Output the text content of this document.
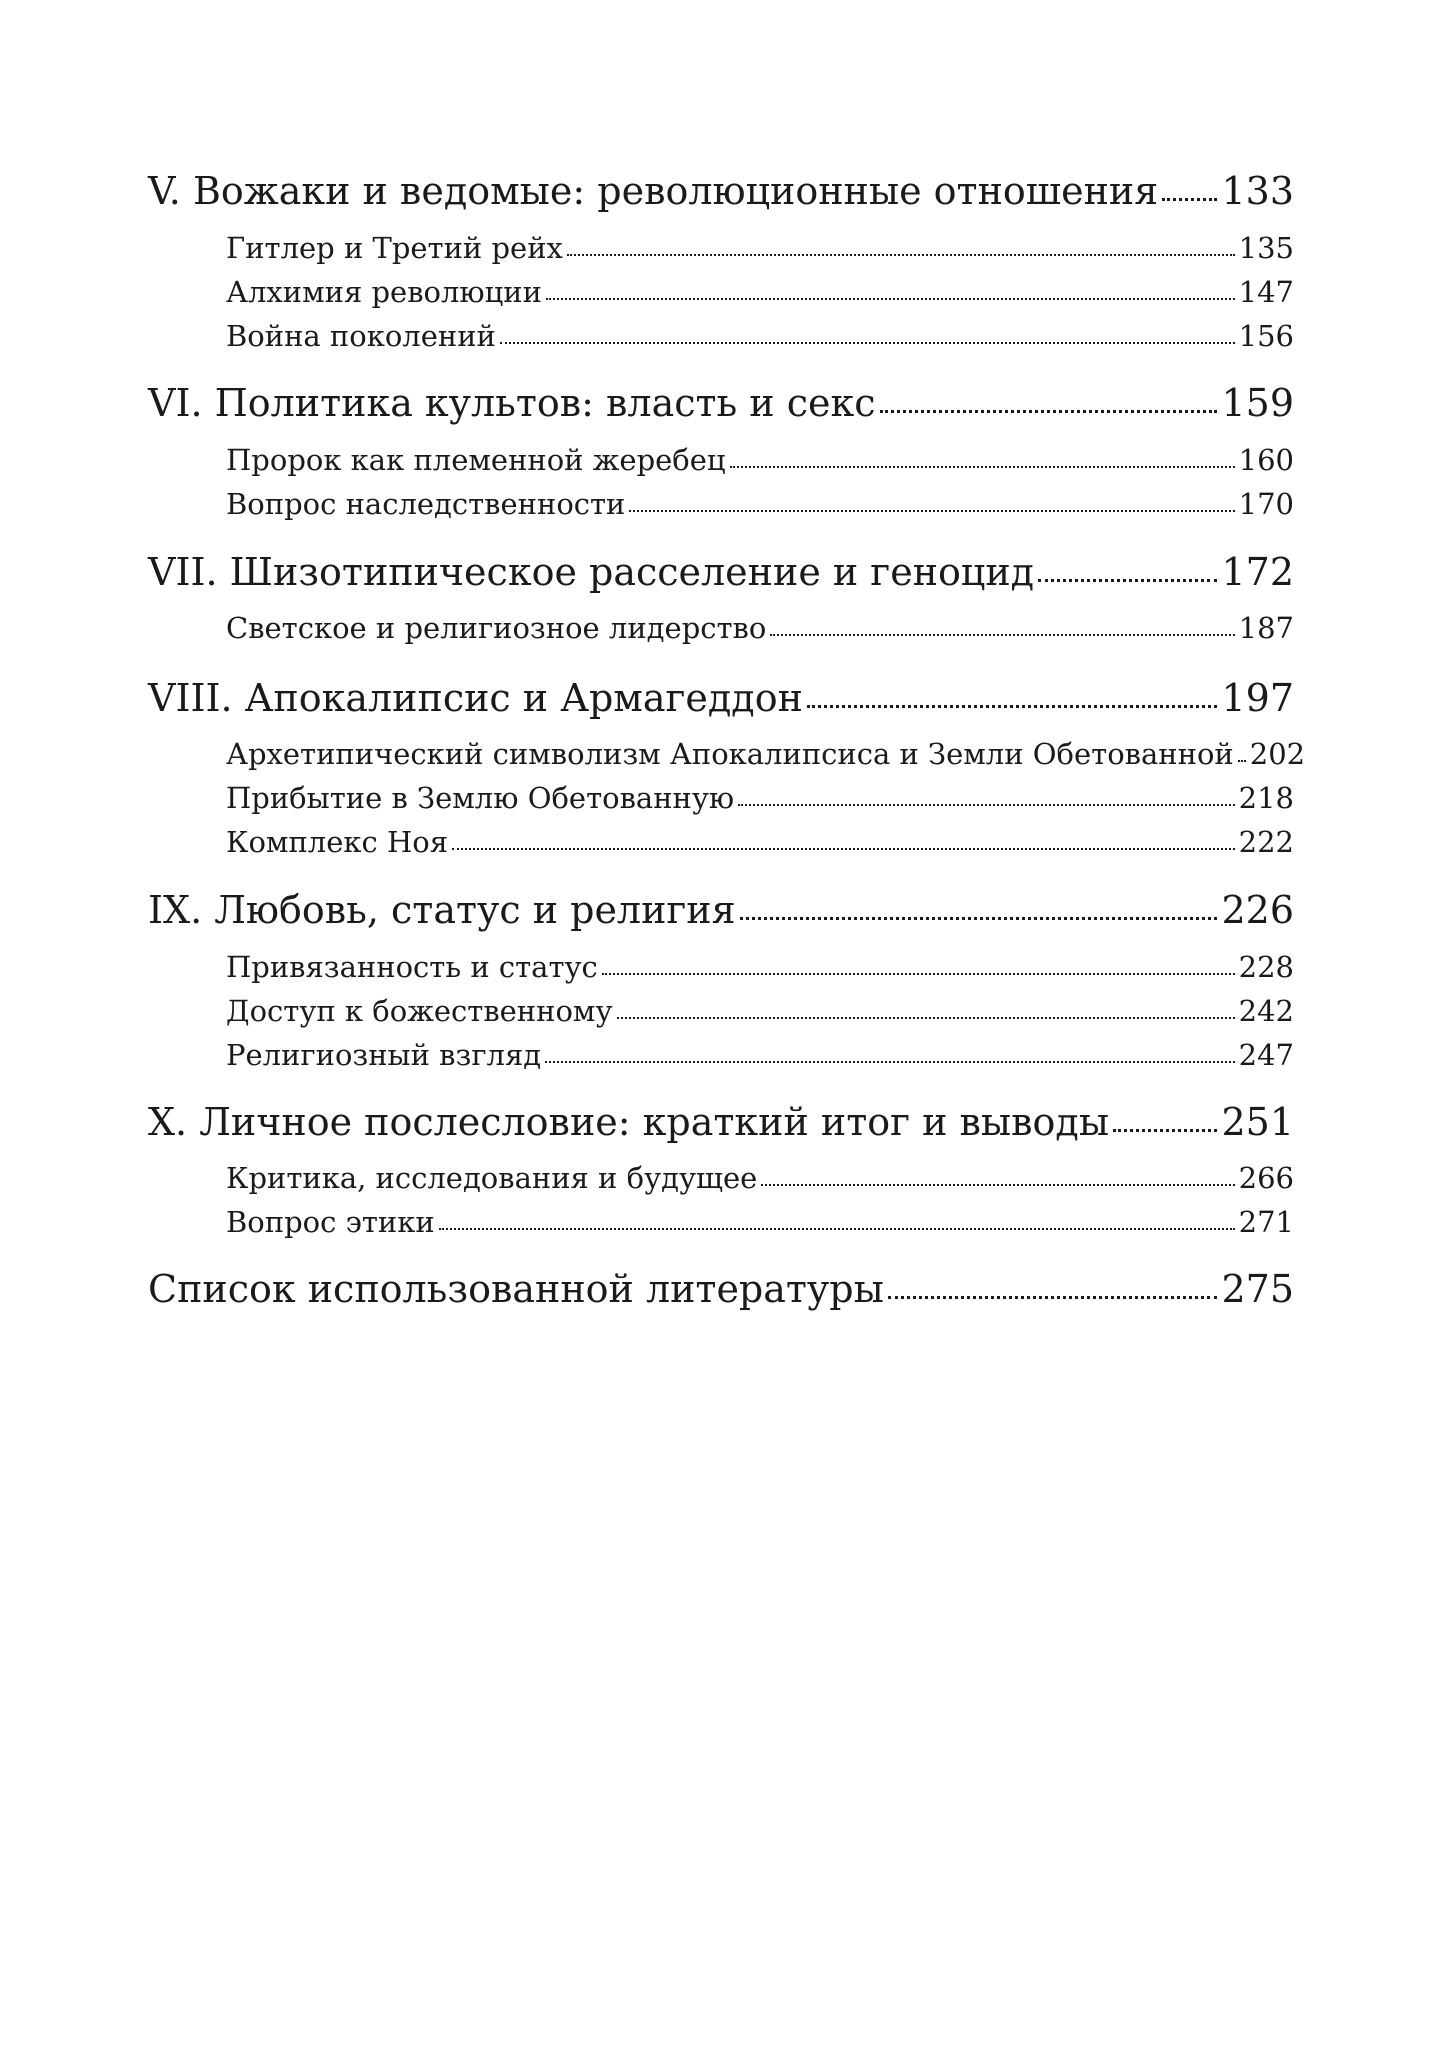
V. Вожаки и ведомые: революционные отношения 133
Гитлер и Третий рейх	135
Алхимия революции	147
Война поколений	156
VI. Политика культов: власть и секс	159
Пророк как племенной жеребец	160
Вопрос наследственности	170
VII. Шизотипическое расселение и геноцид	172
Светское и религиозное лидерство	187
VIII. Апокалипсис и Армагеддон	197
Архетипический символизм Апокалипсиса и Земли Обетованной 202
Прибытие в Землю Обетованную	218
Комплекс Ноя	222
IX. Любовь, статус и религия	226
Привязанность и статус	228
Доступ к божественному	242
Религиозный взгляд	247
X. Личное послесловие: краткий итог и выводы	251
Критика, исследования и будущее	266
Вопрос этики	271
Список использованной литературы	275
